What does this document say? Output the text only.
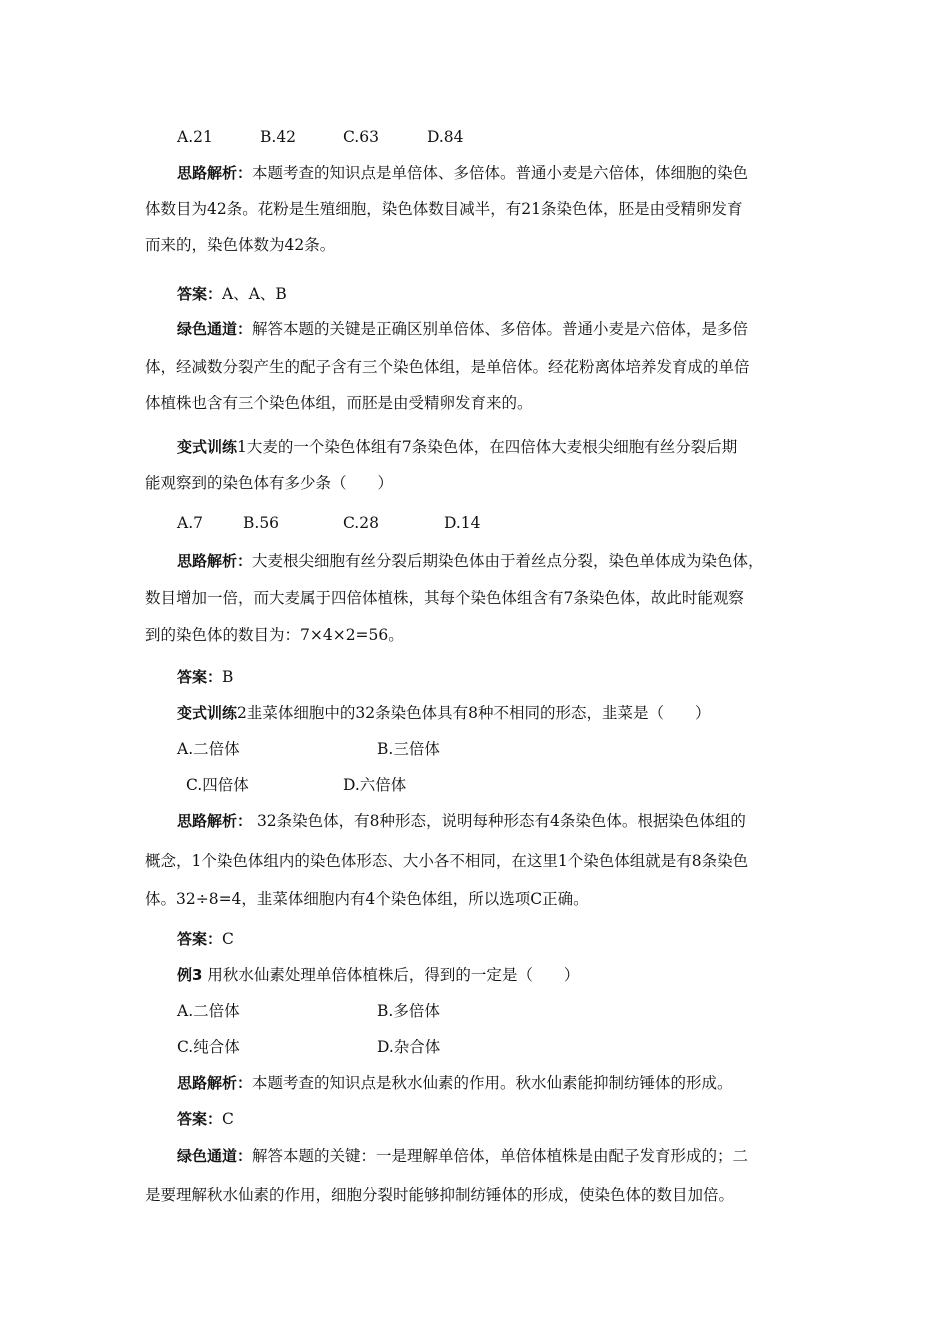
A.21	B.42	C.63	D.84
思路解析：本题考查的知识点是单倍体、多倍体。普通小麦是六倍体，体细胞的染色
体数目为42条。花粉是生殖细胞，染色体数目减半，有21条染色体，胚是由受精卵发育
而来的，染色体数为42条。
答案：A、A、B
绿色通道：解答本题的关键是正确区别单倍体、多倍体。普通小麦是六倍体，是多倍
体，经减数分裂产生的配子含有三个染色体组，是单倍体。经花粉离体培养发育成的单倍
体植株也含有三个染色体组，而胚是由受精卵发育来的。
变式训练1大麦的一个染色体组有7条染色体，在四倍体大麦根尖细胞有丝分裂后期
能观察到的染色体有多少条（　　）
A.7	B.56	C.28	D.14
思路解析：大麦根尖细胞有丝分裂后期染色体由于着丝点分裂，染色单体成为染色体，
数目增加一倍，而大麦属于四倍体植株，其每个染色体组含有7条染色体，故此时能观察
到的染色体的数目为：7×4×2=56。
答案：B
变式训练2韭菜体细胞中的32条染色体具有8种不相同的形态，韭菜是（　　）
A.二倍体	B.三倍体
C.四倍体	D.六倍体
思路解析： 32条染色体，有8种形态，说明每种形态有4条染色体。根据染色体组的
概念，1个染色体组内的染色体形态、大小各不相同，在这里1个染色体组就是有8条染色
体。32÷8=4，韭菜体细胞内有4个染色体组，所以选项C正确。
答案：C
例3 用秋水仙素处理单倍体植株后，得到的一定是（　　）
A.二倍体	B.多倍体
C.纯合体	D.杂合体
思路解析：本题考查的知识点是秋水仙素的作用。秋水仙素能抑制纺锤体的形成。
答案：C
绿色通道：解答本题的关键：一是理解单倍体，单倍体植株是由配子发育形成的；二
是要理解秋水仙素的作用，细胞分裂时能够抑制纺锤体的形成，使染色体的数目加倍。
